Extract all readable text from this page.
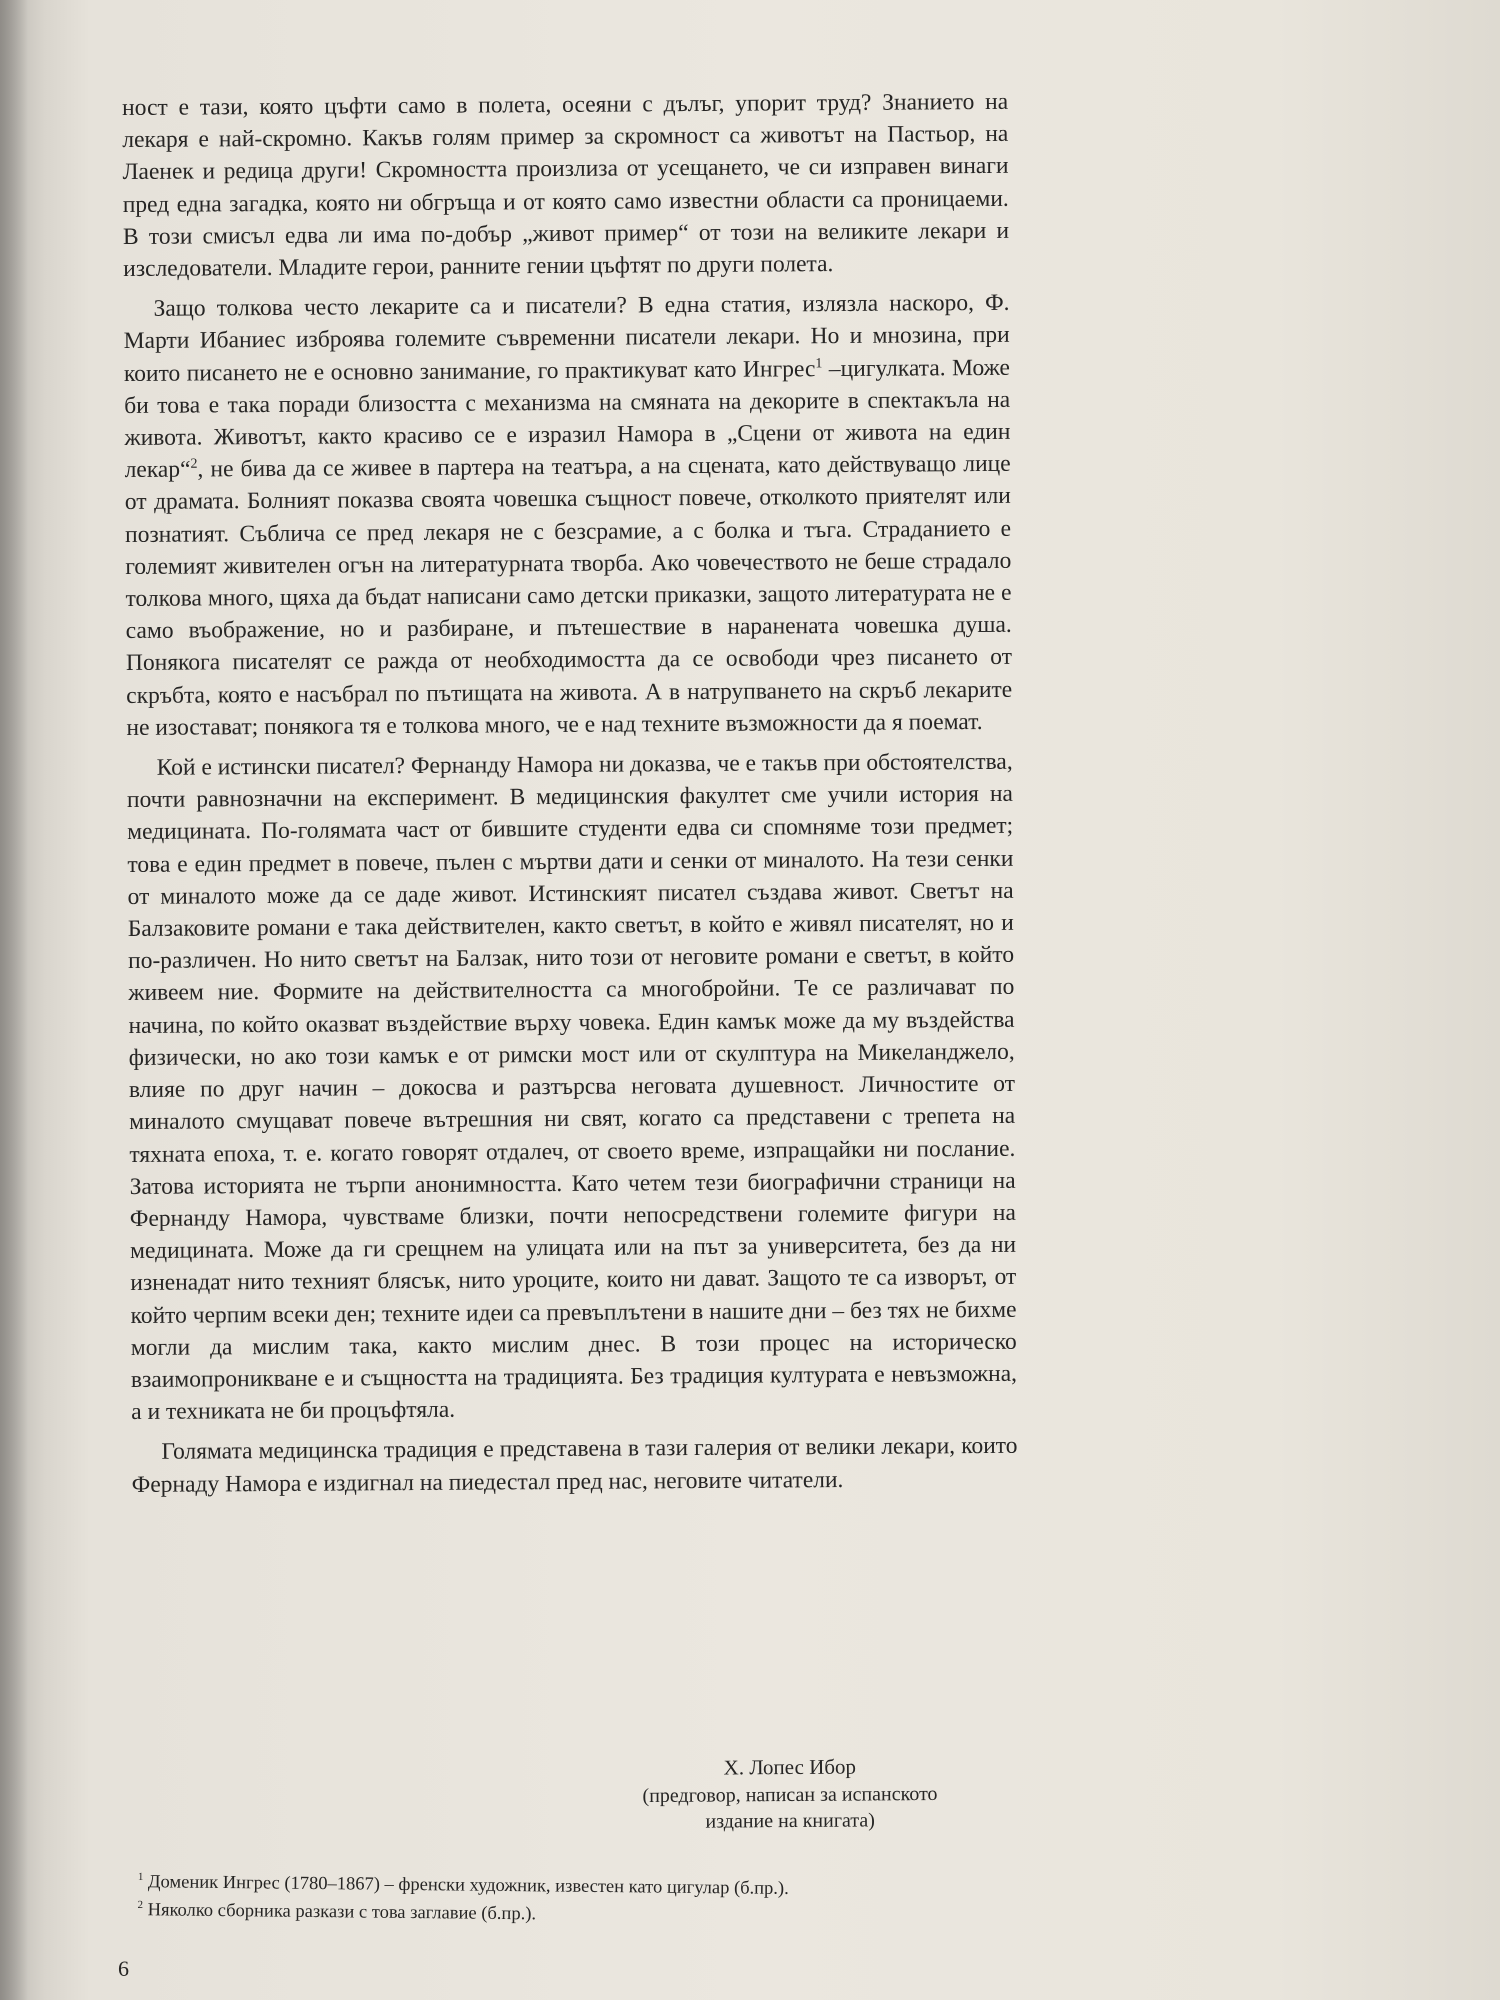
ност е тази, която цъфти само в полета, осеяни с дълъг, упорит труд? Знанието на лекаря е най-скромно. Какъв голям пример за скромност са животът на Пастьор, на Лаенек и редица други! Скромността произлиза от усещането, че си изправен винаги пред една загадка, която ни обгръща и от която само известни области са проницаеми. В този смисъл едва ли има по-добър „живот пример“ от този на великите лекари и изследователи. Младите герои, ранните гении цъфтят по други полета.

Защо толкова често лекарите са и писатели? В една статия, излязла наскоро, Ф. Марти Ибаниес изброява големите съвременни писатели лекари. Но и мнозина, при които писането не е основно занимание, го практикуват като Ингрес$^1$ –цигулката. Може би това е така поради близостта с механизма на смяната на декорите в спектакъла на живота. Животът, както красиво се е изразил Намора в „Сцени от живота на един лекар“$^2$, не бива да се живее в партера на театъра, а на сцената, като действуващо лице от драмата. Болният показва своята човешка същност повече, отколкото приятелят или познатият. Съблича се пред лекаря не с безсрамие, а с болка и тъга. Страданието е големият живителен огън на литературната творба. Ако човечеството не беше страдало толкова много, щяха да бъдат написани само детски приказки, защото литературата не е само въображение, но и разбиране, и пътешествие в наранената човешка душа. Понякога писателят се ражда от необходимостта да се освободи чрез писането от скръбта, която е насъбрал по пътищата на живота. А в натрупването на скръб лекарите не изостават; понякога тя е толкова много, че е над техните възможности да я поемат.

Кой е истински писател? Фернанду Намора ни доказва, че е такъв при обстоятелства, почти равнозначни на експеримент. В медицинския факултет сме учили история на медицината. По-голямата част от бившите студенти едва си спомняме този предмет; това е един предмет в повече, пълен с мъртви дати и сенки от миналото. На тези сенки от миналото може да се даде живот. Истинският писател създава живот. Светът на Балзаковите романи е така действителен, както светът, в който е живял писателят, но и по-различен. Но нито светът на Балзак, нито този от неговите романи е светът, в който живеем ние. Формите на действителността са многобройни. Те се различават по начина, по който оказват въздействие върху човека. Един камък може да му въздейства физически, но ако този камък е от римски мост или от скулптура на Микеланджело, влияе по друг начин – докосва и разтърсва неговата душевност. Личностите от миналото смущават повече вътрешния ни свят, когато са представени с трепета на тяхната епоха, т. е. когато говорят отдалеч, от своето време, изпращайки ни послание. Затова историята не търпи анонимността. Като четем тези биографични страници на Фернанду Намора, чувстваме близки, почти непосредствени големите фигури на медицината. Може да ги срещнем на улицата или на път за университета, без да ни изненадат нито техният блясък, нито уроците, които ни дават. Защото те са изворът, от който черпим всеки ден; техните идеи са превъплътени в нашите дни – без тях не бихме могли да мислим така, както мислим днес. В този процес на историческо взаимопроникване е и същността на традицията. Без традиция културата е невъзможна, а и техниката не би процъфтяла.

Голямата медицинска традиция е представена в тази галерия от велики лекари, които Фернаду Намора е издигнал на пиедестал пред нас, неговите читатели.

Х. Лопес Ибор
(предговор, написан за испанското
издание на книгата)
$^1$ Доменик Ингрес (1780–1867) – френски художник, известен като цигулар (б.пр.).
$^2$ Няколко сборника разкази с това заглавие (б.пр.).
6
